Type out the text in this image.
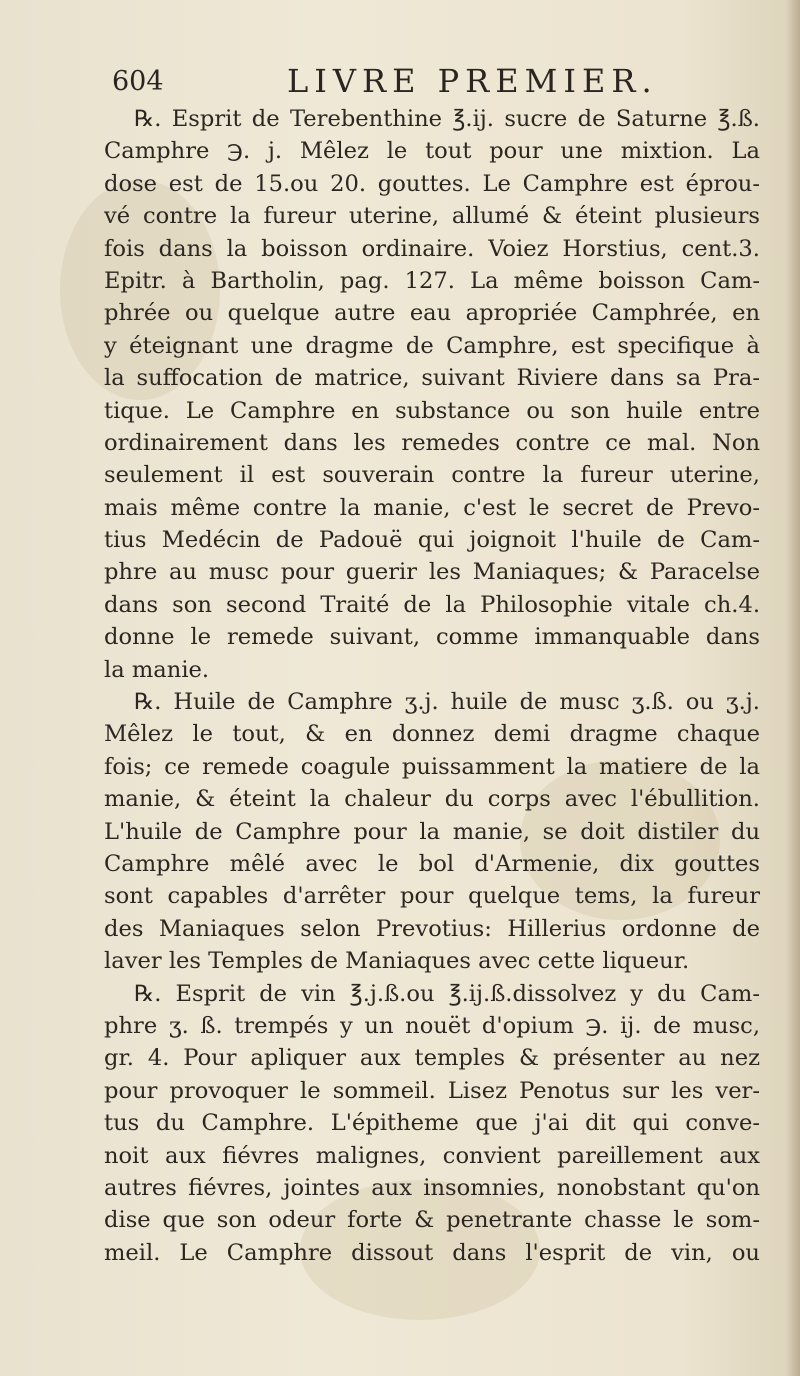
604	LIVRE PREMIER.
℞. Esprit de Terebenthine ℥.ij. sucre de Saturne ℥.ß.
Camphre ℈. j. Mêlez le tout pour une mixtion. La
dose est de 15.ou 20. gouttes. Le Camphre est éprou-
vé contre la fureur uterine, allumé & éteint plusieurs
fois dans la boisson ordinaire. Voiez Horstius, cent.3.
Epitr. à Bartholin, pag. 127. La même boisson Cam-
phrée ou quelque autre eau apropriée Camphrée, en
y éteignant une dragme de Camphre, est specifique à
la suffocation de matrice, suivant Riviere dans sa Pra-
tique. Le Camphre en substance ou son huile entre
ordinairement dans les remedes contre ce mal. Non
seulement il est souverain contre la fureur uterine,
mais même contre la manie, c'est le secret de Prevo-
tius Medécin de Padouë qui joignoit l'huile de Cam-
phre au musc pour guerir les Maniaques; & Paracelse
dans son second Traité de la Philosophie vitale ch.4.
donne le remede suivant, comme immanquable dans
la manie.
℞. Huile de Camphre ʒ.j. huile de musc ʒ.ß. ou ʒ.j.
Mêlez le tout, & en donnez demi dragme chaque
fois; ce remede coagule puissamment la matiere de la
manie, & éteint la chaleur du corps avec l'ébullition.
L'huile de Camphre pour la manie, se doit distiler du
Camphre mêlé avec le bol d'Armenie, dix gouttes
sont capables d'arrêter pour quelque tems, la fureur
des Maniaques selon Prevotius: Hillerius ordonne de
laver les Temples de Maniaques avec cette liqueur.
℞. Esprit de vin ℥.j.ß.ou ℥.ij.ß.dissolvez y du Cam-
phre ʒ. ß. trempés y un nouët d'opium ℈. ij. de musc,
gr. 4. Pour apliquer aux temples & présenter au nez
pour provoquer le sommeil. Lisez Penotus sur les ver-
tus du Camphre. L'épitheme que j'ai dit qui conve-
noit aux fiévres malignes, convient pareillement aux
autres fiévres, jointes aux insomnies, nonobstant qu'on
dise que son odeur forte & penetrante chasse le som-
meil. Le Camphre dissout dans l'esprit de vin, ou
